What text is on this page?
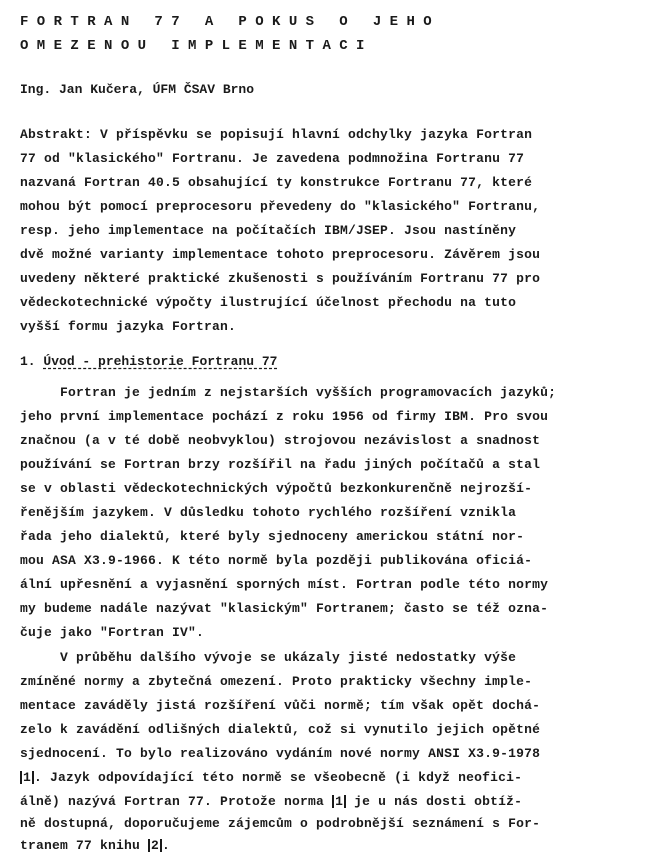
F O R T R A N   7 7   A   P O K U S   O   J E H O
O M E Z E N O U   I M P L E M E N T A C I
Ing. Jan Kučera, ÚFM ČSAV Brno
Abstrakt: V příspěvku se popisují hlavní odchylky jazyka Fortran
77 od "klasického" Fortranu. Je zavedena podmnožina Fortranu 77
nazvaná Fortran 40.5 obsahující ty konstrukce Fortranu 77, které
mohou být pomocí preprocesoru převedeny do "klasického" Fortranu,
resp. jeho implementace na počítačích IBM/JSEP. Jsou nastíněny
dvě možné varianty implementace tohoto preprocesoru. Závěrem jsou
uvedeny některé praktické zkušenosti s používáním Fortranu 77 pro
vědeckotechnické výpočty ilustrující účelnost přechodu na tuto
vyšší formu jazyka Fortran.
1. Úvod - prehistorie Fortranu 77
Fortran je jedním z nejstarších vyšších programovacích jazyků;
jeho první implementace pochází z roku 1956 od firmy IBM. Pro svou
značnou (a v té době neobvyklou) strojovou nezávislost a snadnost
používání se Fortran brzy rozšířil na řadu jiných počítačů a stal
se v oblasti vědeckotechnických výpočtů bezkonkurenčně nejrozší-
řenějším jazykem. V důsledku tohoto rychlého rozšíření vznikla
řada jeho dialektů, které byly sjednoceny americkou státní nor-
mou ASA X3.9-1966. K této normě byla později publikována oficiá-
ální upřesnění a vyjasnění sporných míst. Fortran podle této normy
my budeme nadále nazývat "klasickým" Fortranem; často se též ozna-
čuje jako "Fortran IV".
V průběhu dalšího vývoje se ukázaly jisté nedostatky výše
zmíněné normy a zbytečná omezení. Proto prakticky všechny imple-
mentace zaváděly jistá rozšíření vůči normě; tím však opět dochá-
zelo k zavádění odlišných dialektů, což si vynutilo jejich opětné
sjednocení. To bylo realizováno vydáním nové normy ANSI X3.9-1978
1 . Jazyk odpovídající této normě se všeobecně (i když neofici-
álně) nazývá Fortran 77. Protože norma 1 je u nás dosti obtíž-
ně dostupná, doporučujeme zájemcům o podrobnější seznámení s For-
tranem 77 knihu 2 .
